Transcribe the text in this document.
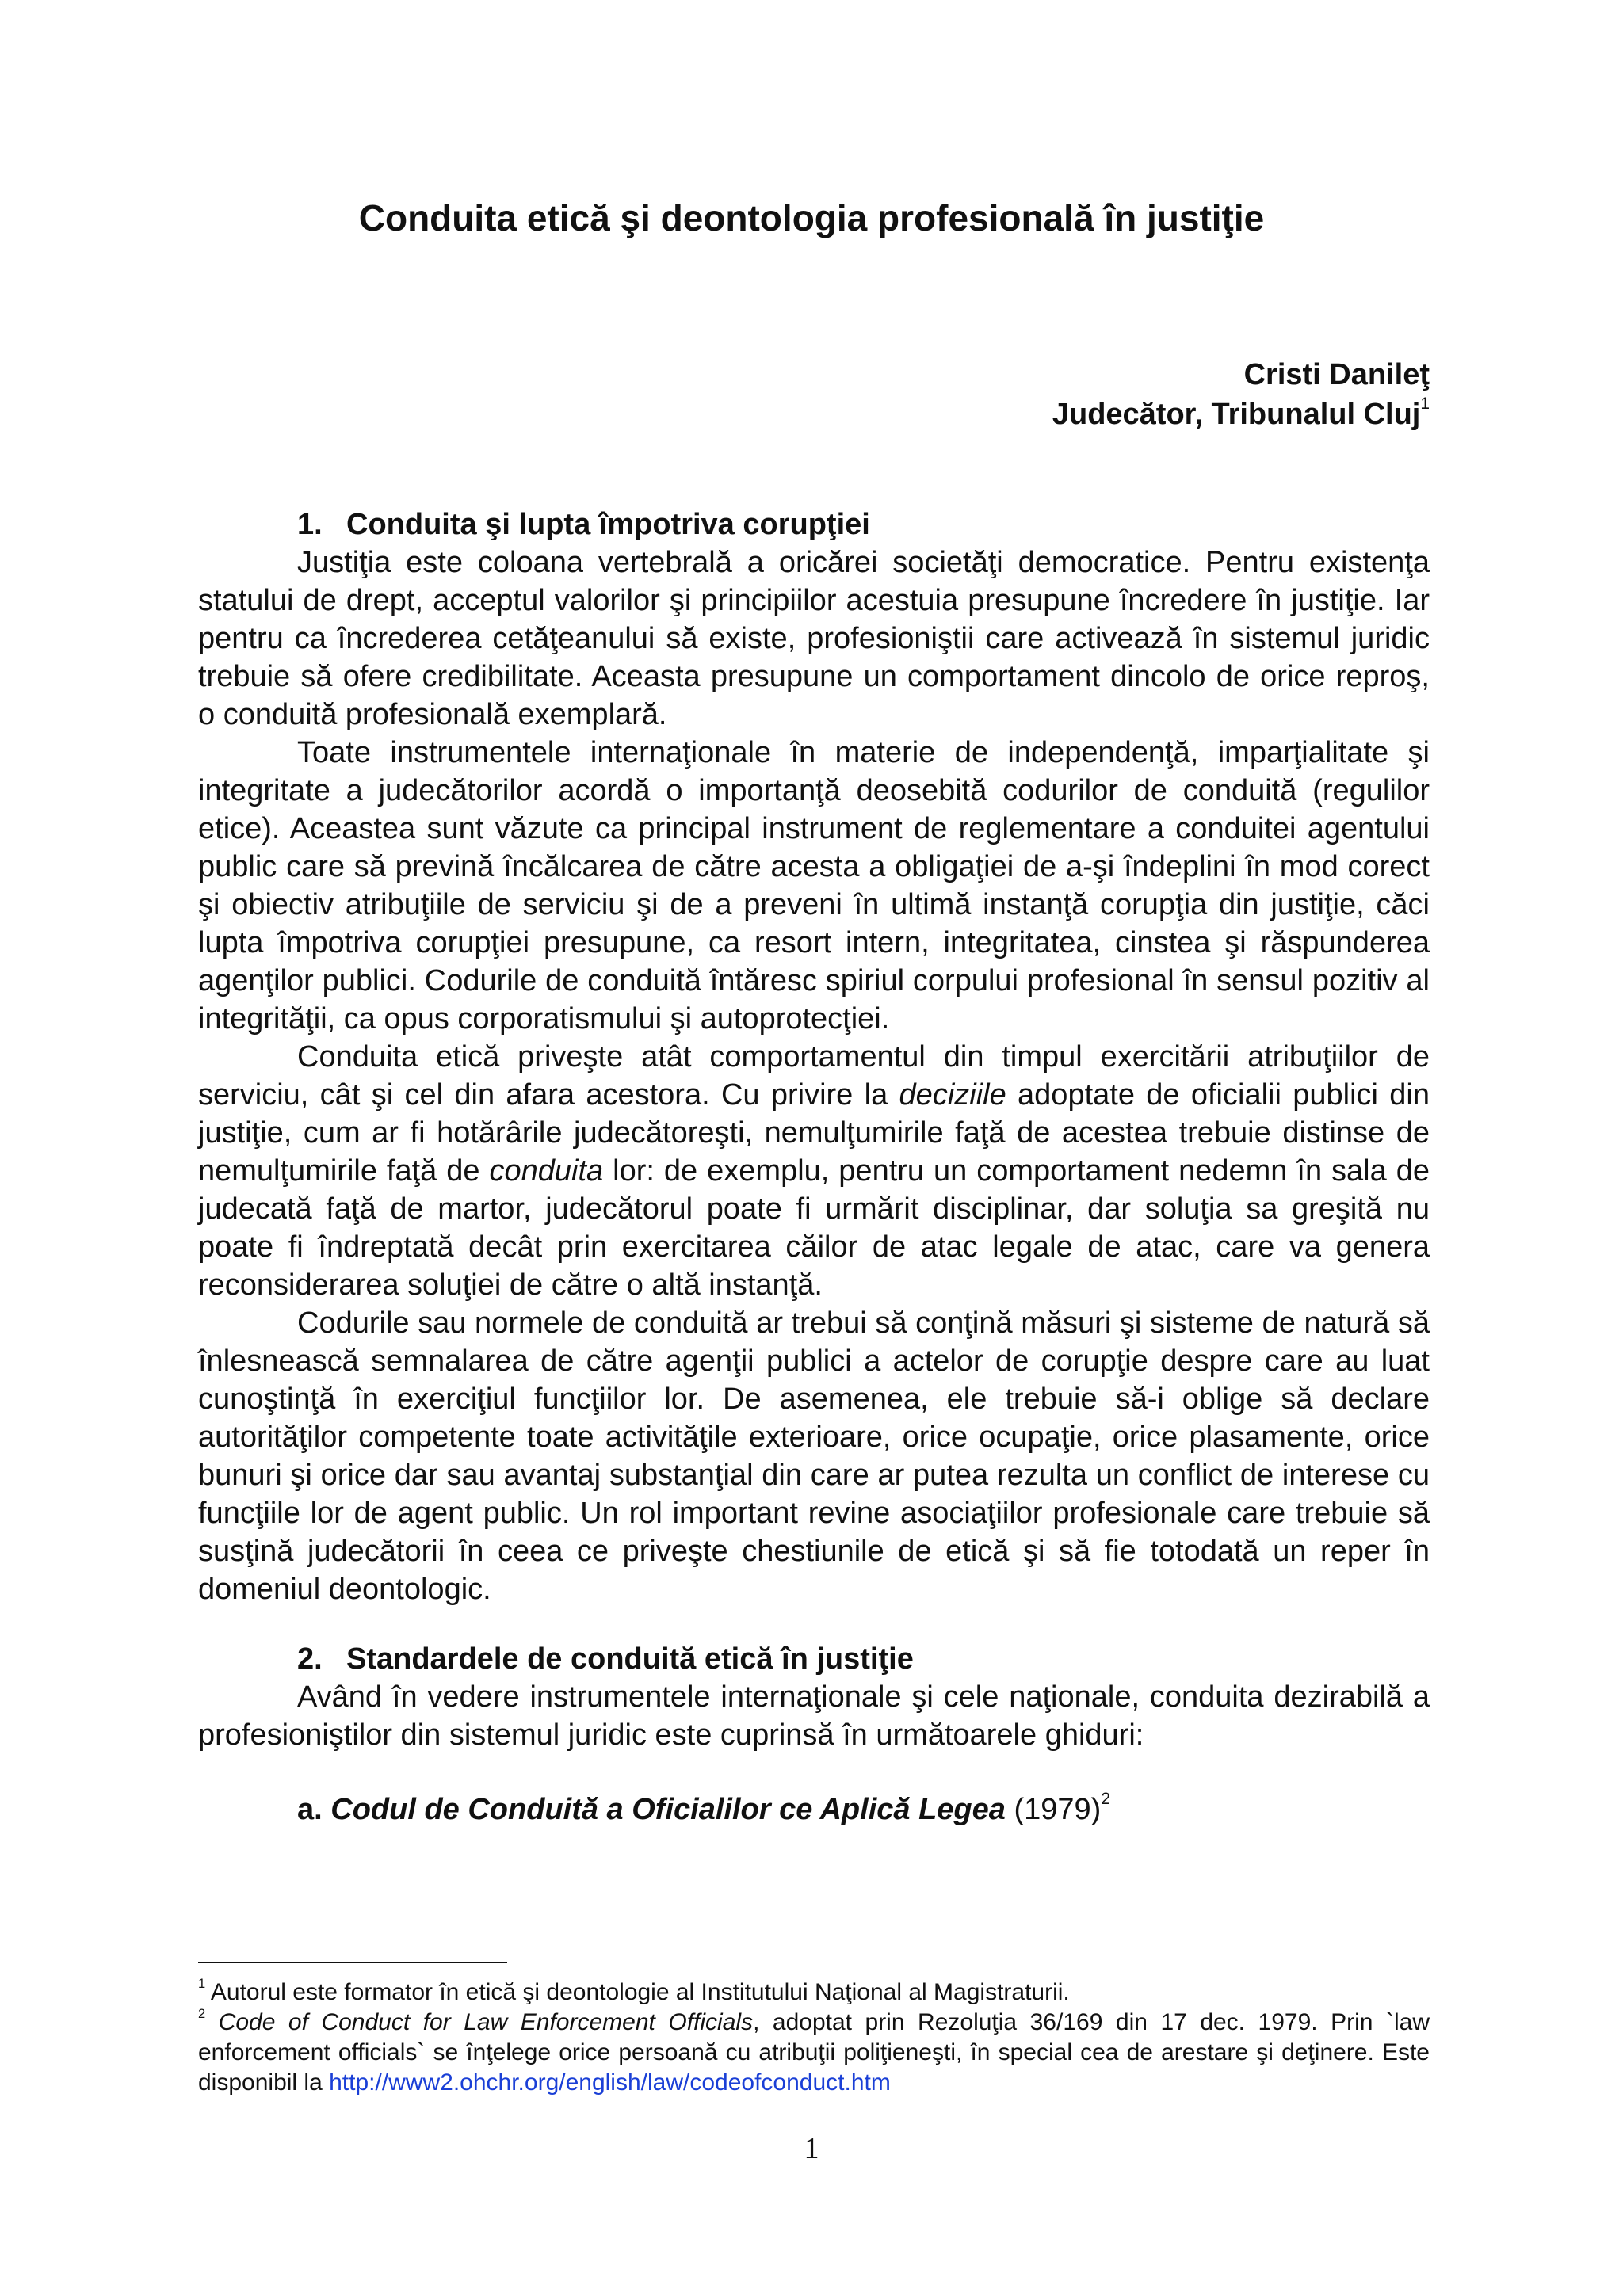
Conduita etică şi deontologia profesională în justiţie
Cristi Danileţ
Judecător, Tribunalul Cluj$^1$
1. Conduita şi lupta împotriva corupţiei

Justiţia este coloana vertebrală a oricărei societăţi democratice. Pentru existenţa statului de drept, acceptul valorilor şi principiilor acestuia presupune încredere în justiţie. Iar pentru ca încrederea cetăţeanului să existe, profesioniştii care activează în sistemul juridic trebuie să ofere credibilitate. Aceasta presupune un comportament dincolo de orice reproş, o conduită profesională exemplară.

Toate instrumentele internaţionale în materie de independenţă, imparţialitate şi integritate a judecătorilor acordă o importanţă deosebită codurilor de conduită (regulilor etice). Aceastea sunt văzute ca principal instrument de reglementare a conduitei agentului public care să prevină încălcarea de către acesta a obligaţiei de a-şi îndeplini în mod corect şi obiectiv atribuţiile de serviciu şi de a preveni în ultimă instanţă corupţia din justiţie, căci lupta împotriva corupţiei presupune, ca resort intern, integritatea, cinstea şi răspunderea agenţilor publici. Codurile de conduită întăresc spiriul corpului profesional în sensul pozitiv al integrităţii, ca opus corporatismului şi autoprotecţiei.

Conduita etică priveşte atât comportamentul din timpul exercitării atribuţiilor de serviciu, cât şi cel din afara acestora. Cu privire la deciziile adoptate de oficialii publici din justiţie, cum ar fi hotărârile judecătoreşti, nemulţumirile faţă de acestea trebuie distinse de nemulţumirile faţă de conduita lor: de exemplu, pentru un comportament nedemn în sala de judecată faţă de martor, judecătorul poate fi urmărit disciplinar, dar soluţia sa greşită nu poate fi îndreptată decât prin exercitarea căilor de atac legale de atac, care va genera reconsiderarea soluţiei de către o altă instanţă.

Codurile sau normele de conduită ar trebui să conţină măsuri şi sisteme de natură să înlesnească semnalarea de către agenţii publici a actelor de corupţie despre care au luat cunoştinţă în exerciţiul funcţiilor lor. De asemenea, ele trebuie să-i oblige să declare autorităţilor competente toate activităţile exterioare, orice ocupaţie, orice plasamente, orice bunuri şi orice dar sau avantaj substanţial din care ar putea rezulta un conflict de interese cu funcţiile lor de agent public. Un rol important revine asociaţiilor profesionale care trebuie să susţină judecătorii în ceea ce priveşte chestiunile de etică şi să fie totodată un reper în domeniul deontologic.

2. Standardele de conduită etică în justiţie

Având în vedere instrumentele internaţionale şi cele naţionale, conduita dezirabilă a profesioniştilor din sistemul juridic este cuprinsă în următoarele ghiduri:

a. Codul de Conduită a Oficialilor ce Aplică Legea $(1979)^2$

$^1$ Autorul este formator în etică şi deontologie al Institutului Naţional al Magistraturii.

$^2$ Code of Conduct for Law Enforcement Officials, adoptat prin Rezoluţia 36/169 din 17 dec. 1979. Prin `law enforcement officials` se înţelege orice persoană cu atribuţii poliţieneşti, în special cea de arestare şi deţinere. Este disponibil la http://www2.ohchr.org/english/law/codeofconduct.htm

1
